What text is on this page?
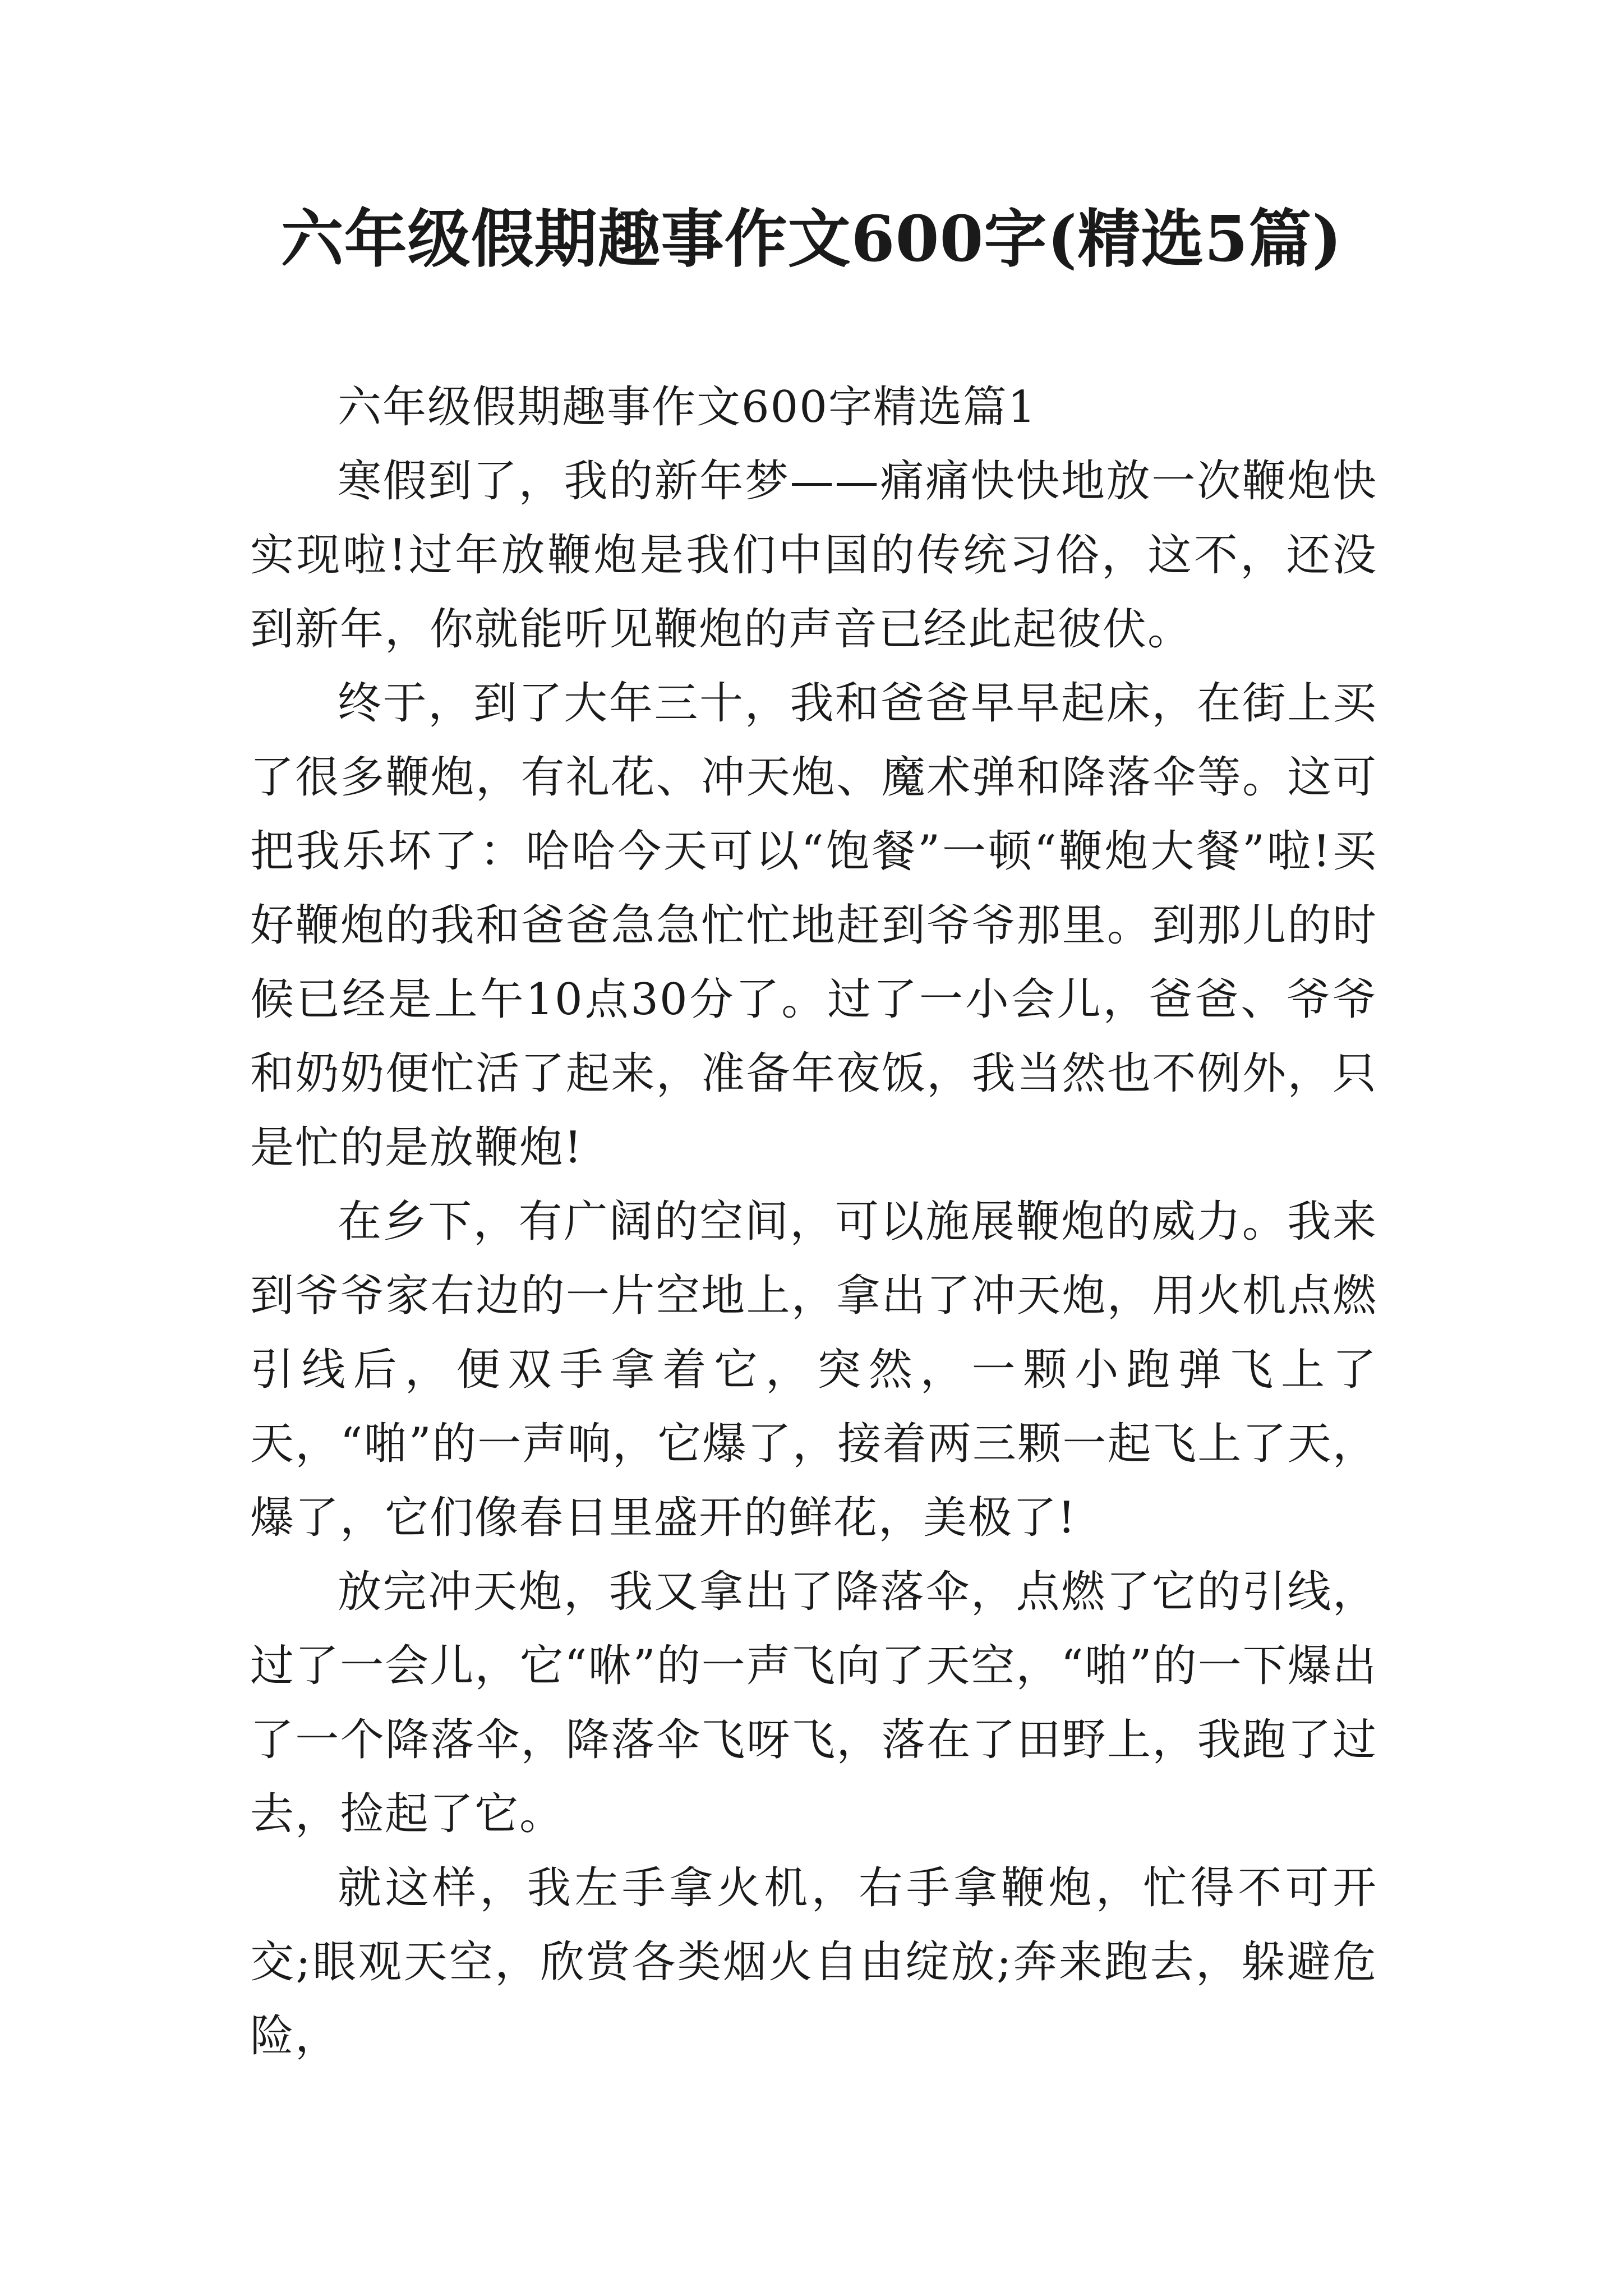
六年级假期趣事作文600字(精选5篇)

六年级假期趣事作文600字精选篇1

寒假到了，我的新年梦——痛痛快快地放一次鞭炮快实现啦!过年放鞭炮是我们中国的传统习俗，这不，还没到新年，你就能听见鞭炮的声音已经此起彼伏。

终于，到了大年三十，我和爸爸早早起床，在街上买了很多鞭炮，有礼花、冲天炮、魔术弹和降落伞等。这可把我乐坏了：哈哈今天可以“饱餐”一顿“鞭炮大餐”啦!买好鞭炮的我和爸爸急急忙忙地赶到爷爷那里。到那儿的时候已经是上午10点30分了。过了一小会儿，爸爸、爷爷和奶奶便忙活了起来，准备年夜饭，我当然也不例外，只是忙的是放鞭炮!

在乡下，有广阔的空间，可以施展鞭炮的威力。我来到爷爷家右边的一片空地上，拿出了冲天炮，用火机点燃引线后，便双手拿着它，突然，一颗小跑弹飞上了天，“啪”的一声响，它爆了，接着两三颗一起飞上了天，爆了，它们像春日里盛开的鲜花，美极了!

放完冲天炮，我又拿出了降落伞，点燃了它的引线，过了一会儿，它“咻”的一声飞向了天空，“啪”的一下爆出了一个降落伞，降落伞飞呀飞，落在了田野上，我跑了过去，捡起了它。

就这样，我左手拿火机，右手拿鞭炮，忙得不可开交;眼观天空，欣赏各类烟火自由绽放;奔来跑去，躲避危险，
